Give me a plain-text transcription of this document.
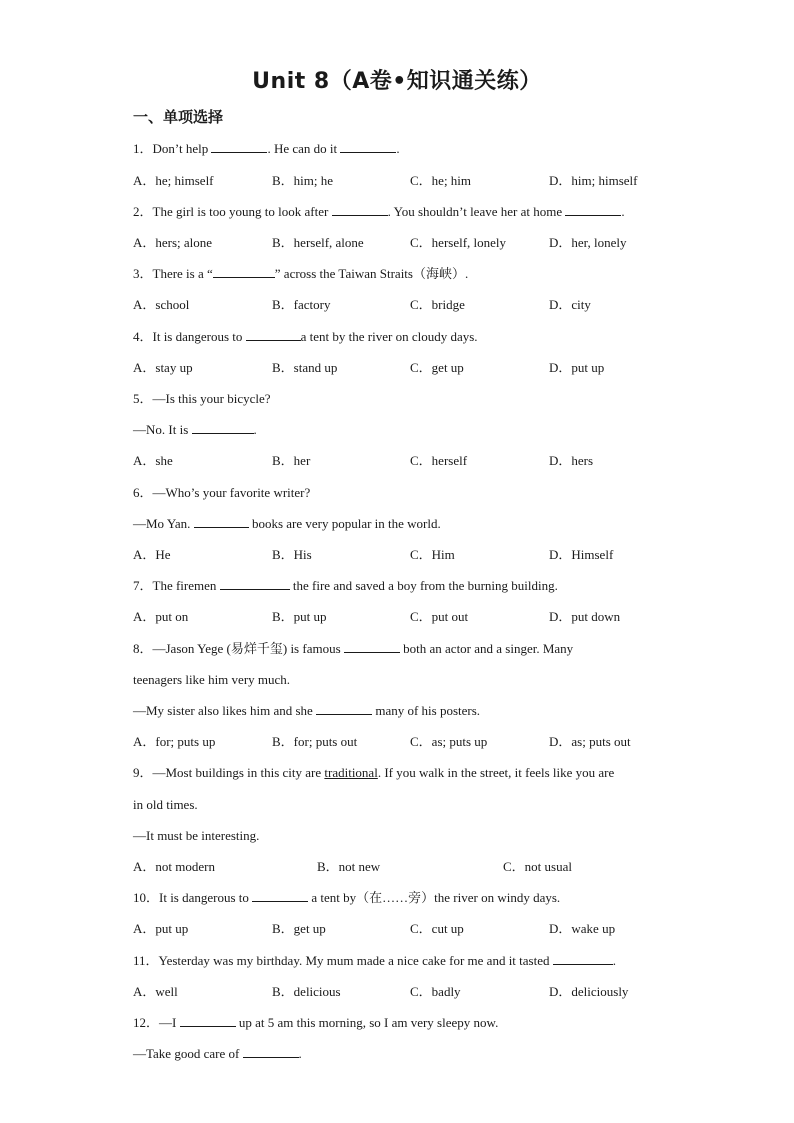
Unit 8（A卷•知识通关练）
一、单项选择
1．Don’t help	. He can do it	.
A．he; himself	B．him; he	C．he; him	D．him; himself
2．The girl is too young to look after	. You shouldn’t leave her at home	.
A．hers; alone	B．herself, alone	C．herself, lonely	D．her, lonely
3．There is a “	” across the Taiwan Straits（海峡）.
A．school	B．factory	C．bridge	D．city
4．It is dangerous to	a tent by the river on cloudy days.
A．stay up	B．stand up	C．get up	D．put up
5．—Is this your bicycle?
—No. It is	.
A．she	B．her	C．herself	D．hers
6．—Who’s your favorite writer?
—Mo Yan.	books are very popular in the world.
A．He	B．His	C．Him	D．Himself
7．The firemen	the fire and saved a boy from the burning building.
A．put on	B．put up	C．put out	D．put down
8．—Jason Yege (易烊千玺) is famous	both an actor and a singer. Many
teenagers like him very much.
—My sister also likes him and she	many of his posters.
A．for; puts up	B．for; puts out	C．as; puts up	D．as; puts out
9．—Most buildings in this city are traditional. If you walk in the street, it feels like you are
in old times.
—It must be interesting.
A．not modern	B．not new	C．not usual
10．It is dangerous to	a tent by（在……旁）the river on windy days.
A．put up	B．get up	C．cut up	D．wake up
11．Yesterday was my birthday. My mum made a nice cake for me and it tasted	.
A．well	B．delicious	C．badly	D．deliciously
12．—I	up at 5 am this morning, so I am very sleepy now.
—Take good care of	.
